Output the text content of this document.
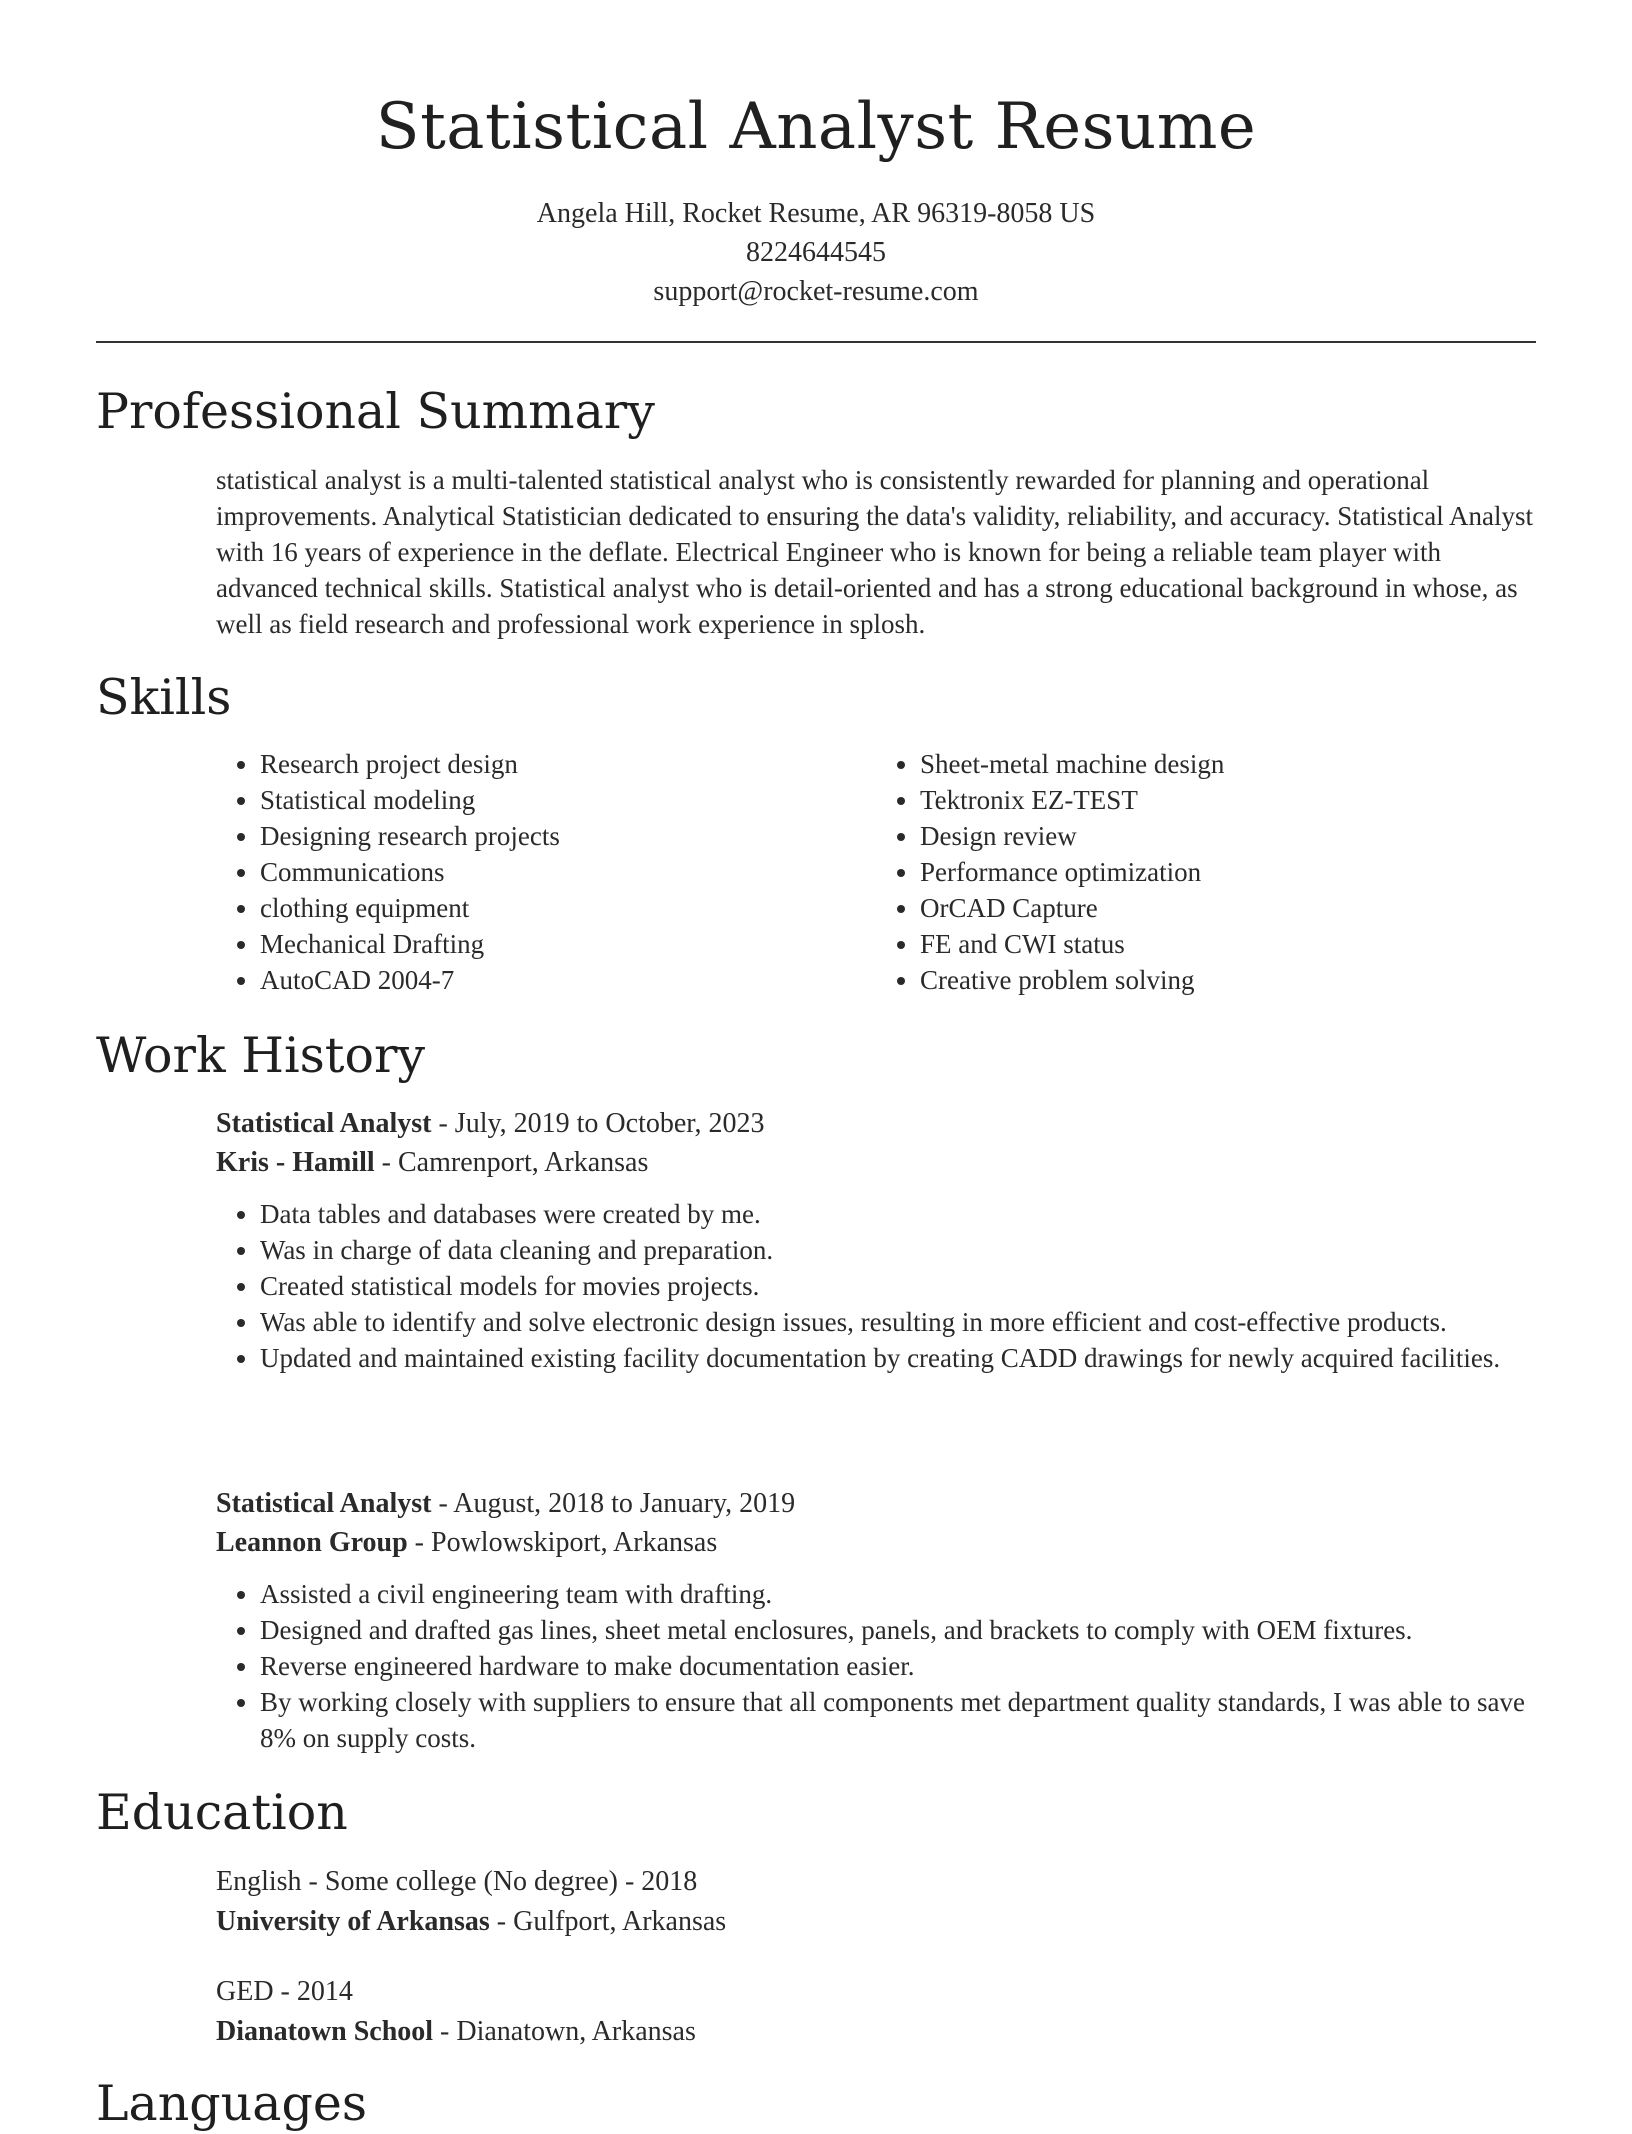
Statistical Analyst Resume
Angela Hill, Rocket Resume, AR 96319-8058 US
8224644545
support@rocket-resume.com
Professional Summary

statistical analyst is a multi-talented statistical analyst who is consistently rewarded for planning and operational improvements. Analytical Statistician dedicated to ensuring the data's validity, reliability, and accuracy. Statistical Analyst with 16 years of experience in the deflate. Electrical Engineer who is known for being a reliable team player with advanced technical skills. Statistical analyst who is detail-oriented and has a strong educational background in whose, as well as field research and professional work experience in splosh.

Skills
• Research project design
• Statistical modeling
• Designing research projects
• Communications
• clothing equipment
• Mechanical Drafting
• AutoCAD 2004-7
• Sheet-metal machine design
• Tektronix EZ-TEST
• Design review
• Performance optimization
• OrCAD Capture
• FE and CWI status
• Creative problem solving
Work History
Statistical Analyst - July, 2019 to October, 2023
Kris - Hamill - Camrenport, Arkansas
• Data tables and databases were created by me.
• Was in charge of data cleaning and preparation.
• Created statistical models for movies projects.
• Was able to identify and solve electronic design issues, resulting in more efficient and cost-effective products.
• Updated and maintained existing facility documentation by creating CADD drawings for newly acquired facilities.
Statistical Analyst - August, 2018 to January, 2019
Leannon Group - Powlowskiport, Arkansas
• Assisted a civil engineering team with drafting.
• Designed and drafted gas lines, sheet metal enclosures, panels, and brackets to comply with OEM fixtures.
• Reverse engineered hardware to make documentation easier.
• By working closely with suppliers to ensure that all components met department quality standards, I was able to save 8% on supply costs.
Education
English - Some college (No degree) - 2018
University of Arkansas - Gulfport, Arkansas
GED - 2014
Dianatown School - Dianatown, Arkansas
Languages
